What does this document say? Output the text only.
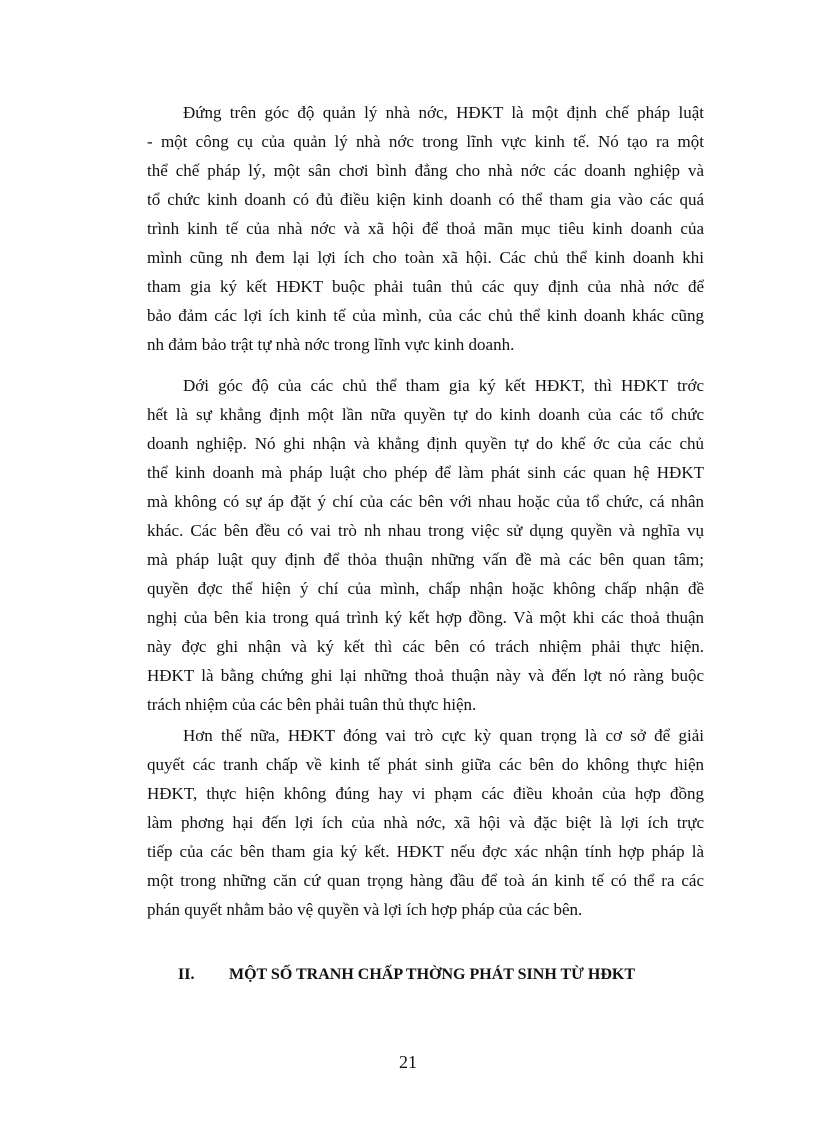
Đứng trên góc độ quản lý nhà nớc, HĐKT là một định chế pháp luật
- một công cụ của quản lý nhà nớc trong lĩnh vực kinh tế. Nó tạo ra một
thể chế pháp lý, một sân chơi bình đẳng cho nhà nớc các doanh nghiệp và
tổ chức kinh doanh có đủ điều kiện kinh doanh có thể tham gia vào các quá
trình kinh tế của nhà nớc và xã hội để thoả mãn mục tiêu kinh doanh của
mình cũng nh đem lại lợi ích cho toàn xã hội. Các chủ thể kinh doanh khi
tham gia ký kết HĐKT buộc phải tuân thủ các quy định của nhà nớc để
bảo đảm các lợi ích kinh tế của mình, của các chủ thể kinh doanh khác cũng
nh đảm bảo trật tự nhà nớc trong lĩnh vực kinh doanh.
Dới góc độ của các chủ thể tham gia ký kết HĐKT, thì HĐKT trớc
hết là sự khẳng định một lần nữa quyền tự do kinh doanh của các tổ chức
doanh nghiệp. Nó ghi nhận và khẳng định quyền tự do khế ớc của các chủ
thể kinh doanh mà pháp luật cho phép để làm phát sinh các quan hệ HĐKT
mà không có sự áp đặt ý chí của các bên với nhau hoặc của tổ chức, cá nhân
khác. Các bên đều có vai trò nh nhau trong việc sử dụng quyền và nghĩa vụ
mà pháp luật quy định để thỏa thuận những vấn đề mà các bên quan tâm;
quyền đợc thể hiện ý chí của mình, chấp nhận hoặc không chấp nhận đề
nghị của bên kia trong quá trình ký kết hợp đồng. Và một khi các thoả thuận
này đợc ghi nhận và ký kết thì các bên có trách nhiệm phải thực hiện.
HĐKT là bằng chứng ghi lại những thoả thuận này và đến lợt nó ràng buộc
trách nhiệm của các bên phải tuân thủ thực hiện.
Hơn thế nữa, HĐKT đóng vai trò cực kỳ quan trọng là cơ sở để giải
quyết các tranh chấp về kinh tế phát sinh giữa các bên do không thực hiện
HĐKT, thực hiện không đúng hay vi phạm các điều khoản của hợp đồng
làm phơng hại đến lợi ích của nhà nớc, xã hội và đặc biệt là lợi ích trực
tiếp của các bên tham gia ký kết. HĐKT nếu đợc xác nhận tính hợp pháp là
một trong những căn cứ quan trọng hàng đầu để toà án kinh tế có thể ra các
phán quyết nhằm bảo vệ quyền và lợi ích hợp pháp của các bên.
II. MỘT SỐ TRANH CHẤP THỜNG PHÁT SINH TỪ HĐKT
21
